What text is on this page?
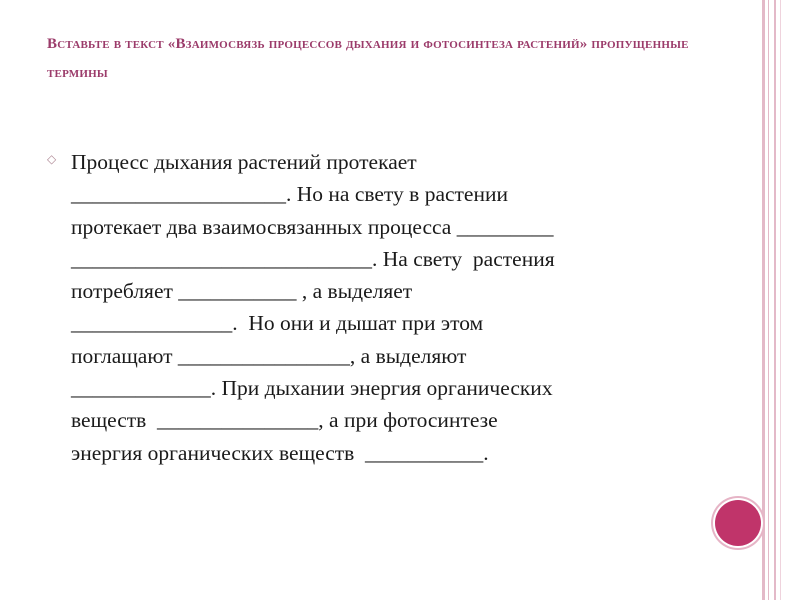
Вставьте в текст «Взаимосвязь процессов дыхания и фотосинтеза растений» пропущенные термины
◇ Процесс дыхания растений протекает
____________________. Но на свету в растении
протекает два взаимосвязанных процесса _________
____________________________. На свету  растения
потребляет ___________ , а выделяет
_______________.  Но они и дышат при этом
поглащают ________________, а выделяют
_____________. При дыхании энергия органических
веществ  _______________, а при фотосинтезе
энергия органических веществ  ___________.
